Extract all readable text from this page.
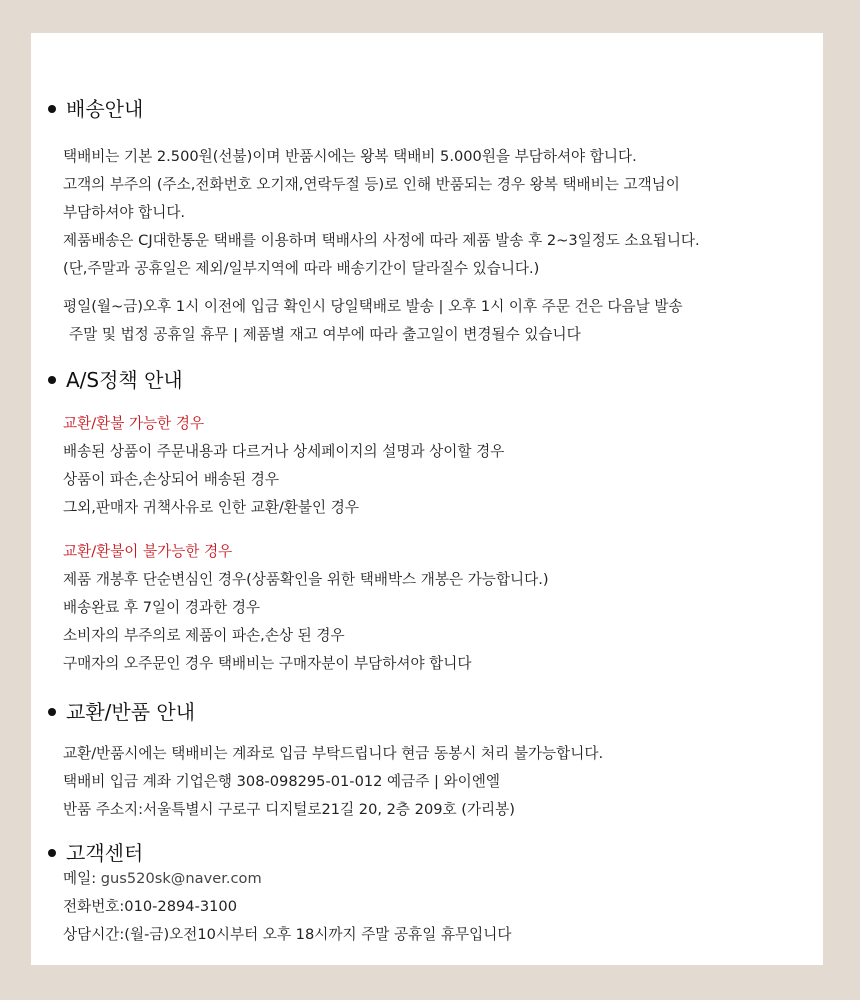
배송안내
택배비는 기본 2.500원(선불)이며 반품시에는 왕복 택배비 5.000원을 부담하셔야 합니다.
고객의 부주의 (주소,전화번호 오기재,연락두절 등)로 인해 반품되는 경우 왕복 택배비는 고객님이
부담하셔야 합니다.
제품배송은 CJ대한통운 택배를 이용하며 택배사의 사정에 따라 제품 발송 후 2~3일정도 소요됩니다.
(단,주말과 공휴일은 제외/일부지역에 따라 배송기간이 달라질수 있습니다.)
평일(월~금)오후 1시 이전에 입금 확인시 당일택배로 발송 | 오후 1시 이후 주문 건은 다음날 발송
주말 및 법정 공휴일 휴무 | 제품별 재고 여부에 따라 출고일이 변경될수 있습니다
A/S정책 안내
교환/환불 가능한 경우
배송된 상품이 주문내용과 다르거나 상세페이지의 설명과 상이할 경우
상품이 파손,손상되어 배송된 경우
그외,판매자 귀책사유로 인한 교환/환불인 경우
교환/환불이 불가능한 경우
제품 개봉후 단순변심인 경우(상품확인을 위한 택배박스 개봉은 가능합니다.)
배송완료 후 7일이 경과한 경우
소비자의 부주의로 제품이 파손,손상 된 경우
구매자의 오주문인 경우 택배비는 구매자분이 부담하셔야 합니다
교환/반품 안내
교환/반품시에는 택배비는 계좌로 입금 부탁드립니다 현금 동봉시 처리 불가능합니다.
택배비 입금 계좌 기업은행 308-098295-01-012 예금주 | 와이엔엘
반품 주소지:서울특별시 구로구 디지털로21길 20, 2층 209호 (가리봉)
고객센터
메일: gus520sk@naver.com
전화번호:010-2894-3100
상담시간:(월-금)오전10시부터 오후 18시까지 주말 공휴일 휴무입니다
